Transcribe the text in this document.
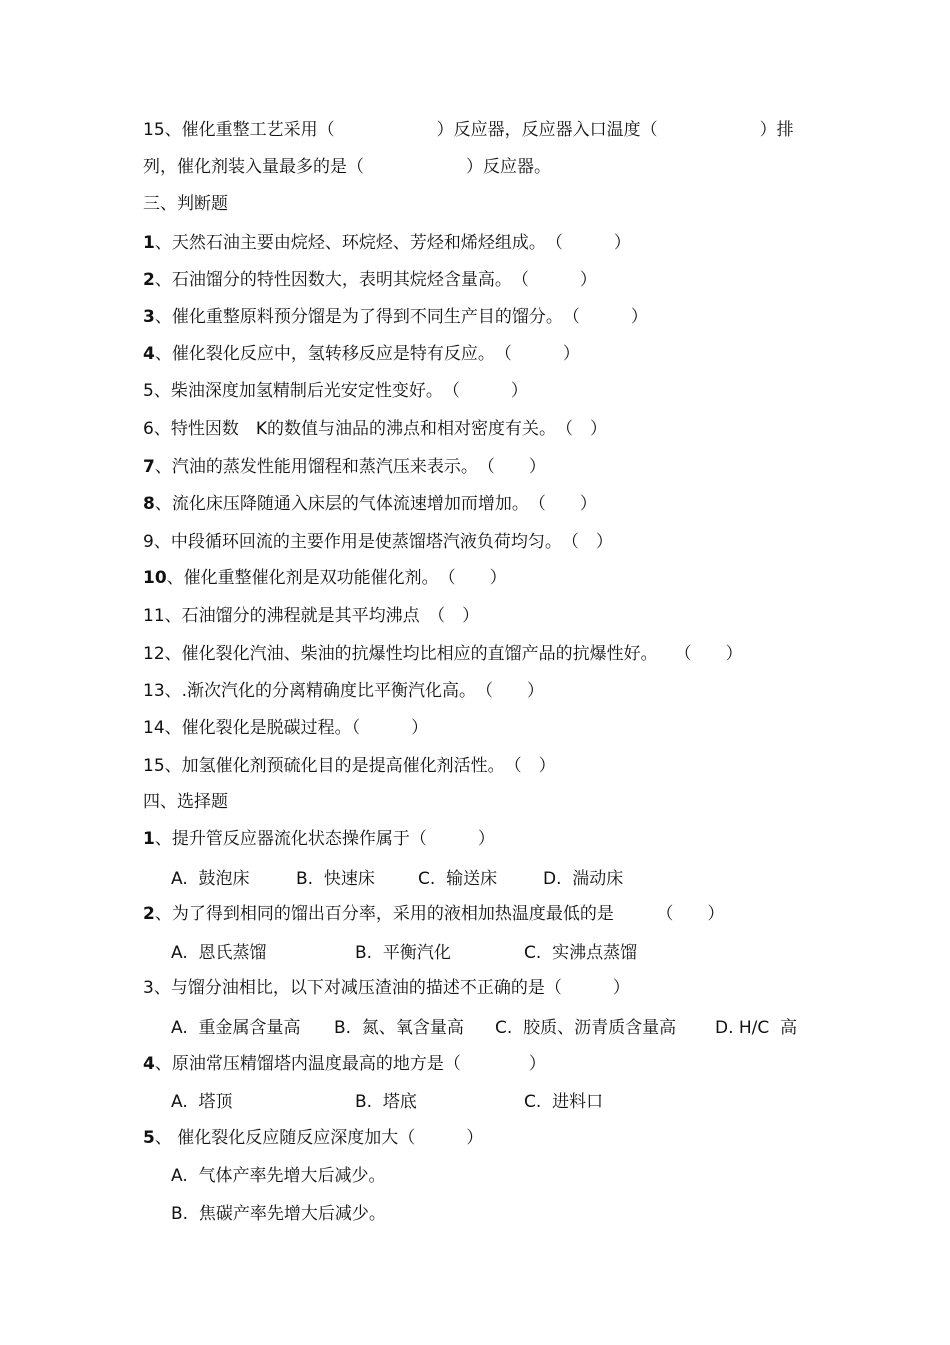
15、催化重整工艺采用（　　　　　　）反应器，反应器入口温度（　　　　　　）排

列，催化剂装入量最多的是（　　　　　　）反应器。

三、判断题

1、天然石油主要由烷烃、环烷烃、芳烃和烯烃组成。　（　　　）

2、石油馏分的特性因数大，表明其烷烃含量高。　（　　　）

3、催化重整原料预分馏是为了得到不同生产目的馏分。　（　　　）

4、催化裂化反应中，氢转移反应是特有反应。　（　　　）

5、柴油深度加氢精制后光安定性变好。　（　　　）

6、特性因数　K的数值与油品的沸点和相对密度有关。　（　）

7、汽油的蒸发性能用馏程和蒸汽压来表示。　（　　）

8、流化床压降随通入床层的气体流速增加而增加。　（　　）

9、中段循环回流的主要作用是使蒸馏塔汽液负荷均匀。　（　）

10、催化重整催化剂是双功能催化剂。　（　　）

11、石油馏分的沸程就是其平均沸点　（　）

12、催化裂化汽油、柴油的抗爆性均比相应的直馏产品的抗爆性好。　　（　　）

13、.渐次汽化的分离精确度比平衡汽化高。　（　　）

14、催化裂化是脱碳过程。（　　　）

15、加氢催化剂预硫化目的是提高催化剂活性。　（　）

四、选择题

1、提升管反应器流化状态操作属于（　　　）

A.  鼓泡床	B.  快速床	C.  输送床	D.  湍动床

2、为了得到相同的馏出百分率，采用的液相加热温度最低的是　　　（　　）

A.  恩氏蒸馏	B.  平衡汽化	C.  实沸点蒸馏

3、与馏分油相比，以下对减压渣油的描述不正确的是（　　　）

A.  重金属含量高 B.  氮、氧含量高 C.  胶质、沥青质含量高 D. H/C  高

4、原油常压精馏塔内温度最高的地方是（　　　　）

A.  塔顶	B.  塔底	C.  进料口

5、 催化裂化反应随反应深度加大（　　　）

A.  气体产率先增大后减少。

B.  焦碳产率先增大后减少。
